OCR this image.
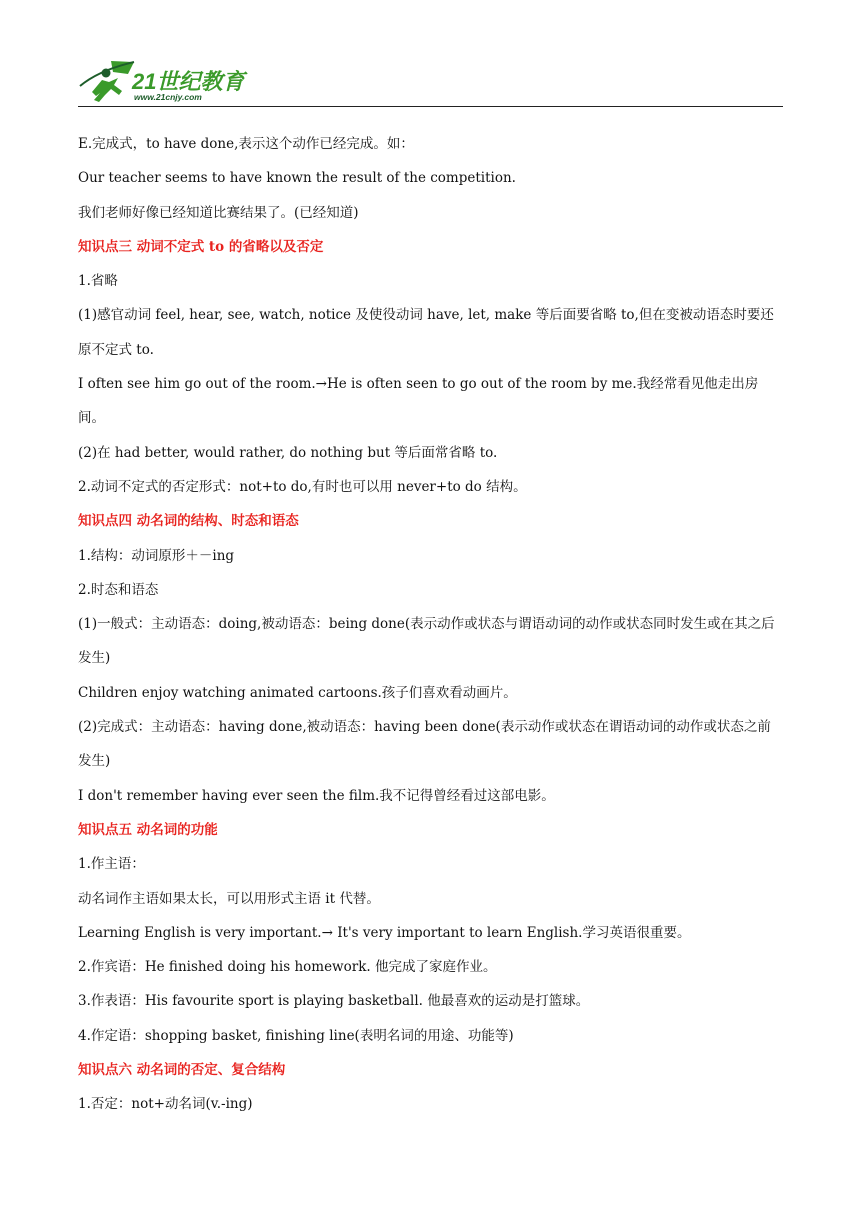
21世纪教育
www.21cnjy.com

E.完成式，to have done,表示这个动作已经完成。如：

Our teacher seems to have known the result of the competition.

我们老师好像已经知道比赛结果了。(已经知道)

知识点三 动词不定式 to 的省略以及否定

1.省略

(1)感官动词 feel, hear, see, watch, notice 及使役动词 have, let, make 等后面要省略 to,但在变被动语态时要还原不定式 to.

I often see him go out of the room.→He is often seen to go out of the room by me.我经常看见他走出房间。

(2)在 had better, would rather, do nothing but 等后面常省略 to.

2.动词不定式的否定形式：not+to do,有时也可以用 never+to do 结构。

知识点四 动名词的结构、时态和语态

1.结构：动词原形＋－ing

2.时态和语态

(1)一般式：主动语态：doing,被动语态：being done(表示动作或状态与谓语动词的动作或状态同时发生或在其之后发生)

Children enjoy watching animated cartoons.孩子们喜欢看动画片。

(2)完成式：主动语态：having done,被动语态：having been done(表示动作或状态在谓语动词的动作或状态之前发生)

I don't remember having ever seen the film.我不记得曾经看过这部电影。

知识点五 动名词的功能

1.作主语：

动名词作主语如果太长，可以用形式主语 it 代替。

Learning English is very important.→ It's very important to learn English.学习英语很重要。

2.作宾语：He finished doing his homework. 他完成了家庭作业。

3.作表语：His favourite sport is playing basketball. 他最喜欢的运动是打篮球。

4.作定语：shopping basket, finishing line(表明名词的用途、功能等)

知识点六 动名词的否定、复合结构

1.否定：not+动名词(v.-ing)
